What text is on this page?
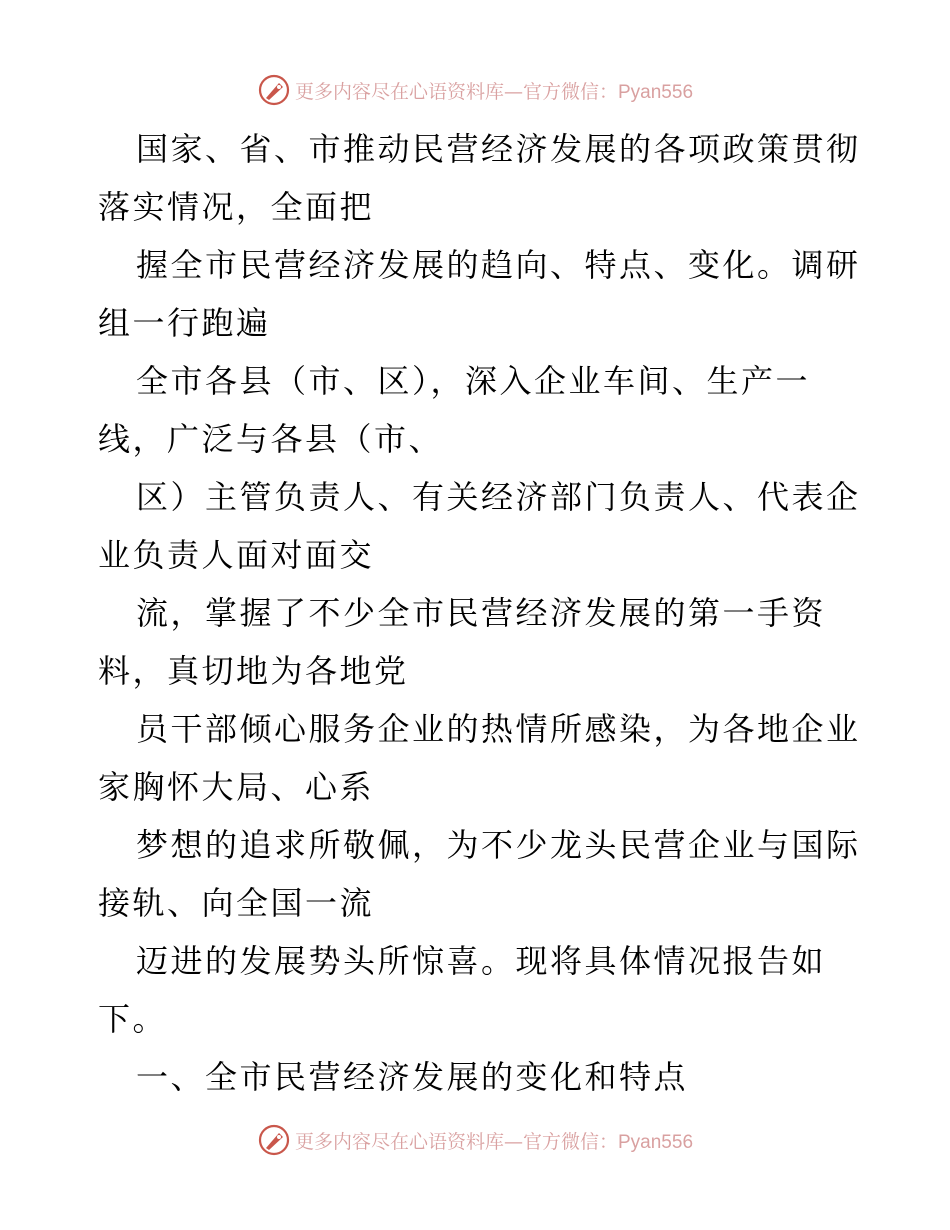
更多内容尽在心语资料库—官方微信：Pyan556

国家、省、市推动民营经济发展的各项政策贯彻

落实情况，全面把

握全市民营经济发展的趋向、特点、变化。调研

组一行跑遍

全市各县（市、区），深入企业车间、生产一

线，广泛与各县（市、

区）主管负责人、有关经济部门负责人、代表企

业负责人面对面交

流，掌握了不少全市民营经济发展的第一手资

料，真切地为各地党

员干部倾心服务企业的热情所感染，为各地企业

家胸怀大局、心系

梦想的追求所敬佩，为不少龙头民营企业与国际

接轨、向全国一流

迈进的发展势头所惊喜。现将具体情况报告如

下。

一、全市民营经济发展的变化和特点

更多内容尽在心语资料库—官方微信：Pyan556
